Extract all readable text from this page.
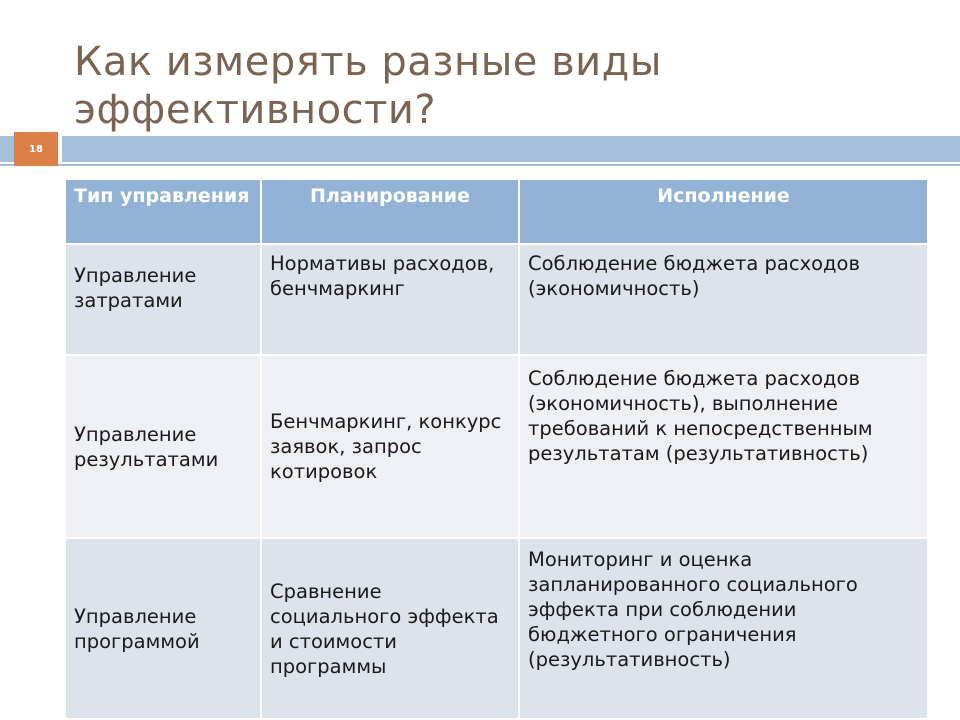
Как измерять разные виды эффективности?
18
Тип управления	Планирование	Исполнение
Управление затратами	Нормативы расходов, бенчмаркинг	Соблюдение бюджета расходов (экономичность)
Управление результатами	Бенчмаркинг, конкурс заявок, запрос котировок	Соблюдение бюджета расходов (экономичность), выполнение требований к непосредственным результатам (результативность)
Управление программой	Сравнение социального эффекта и стоимости программы	Мониторинг и оценка запланированного социального эффекта при соблюдении бюджетного ограничения (результативность)
